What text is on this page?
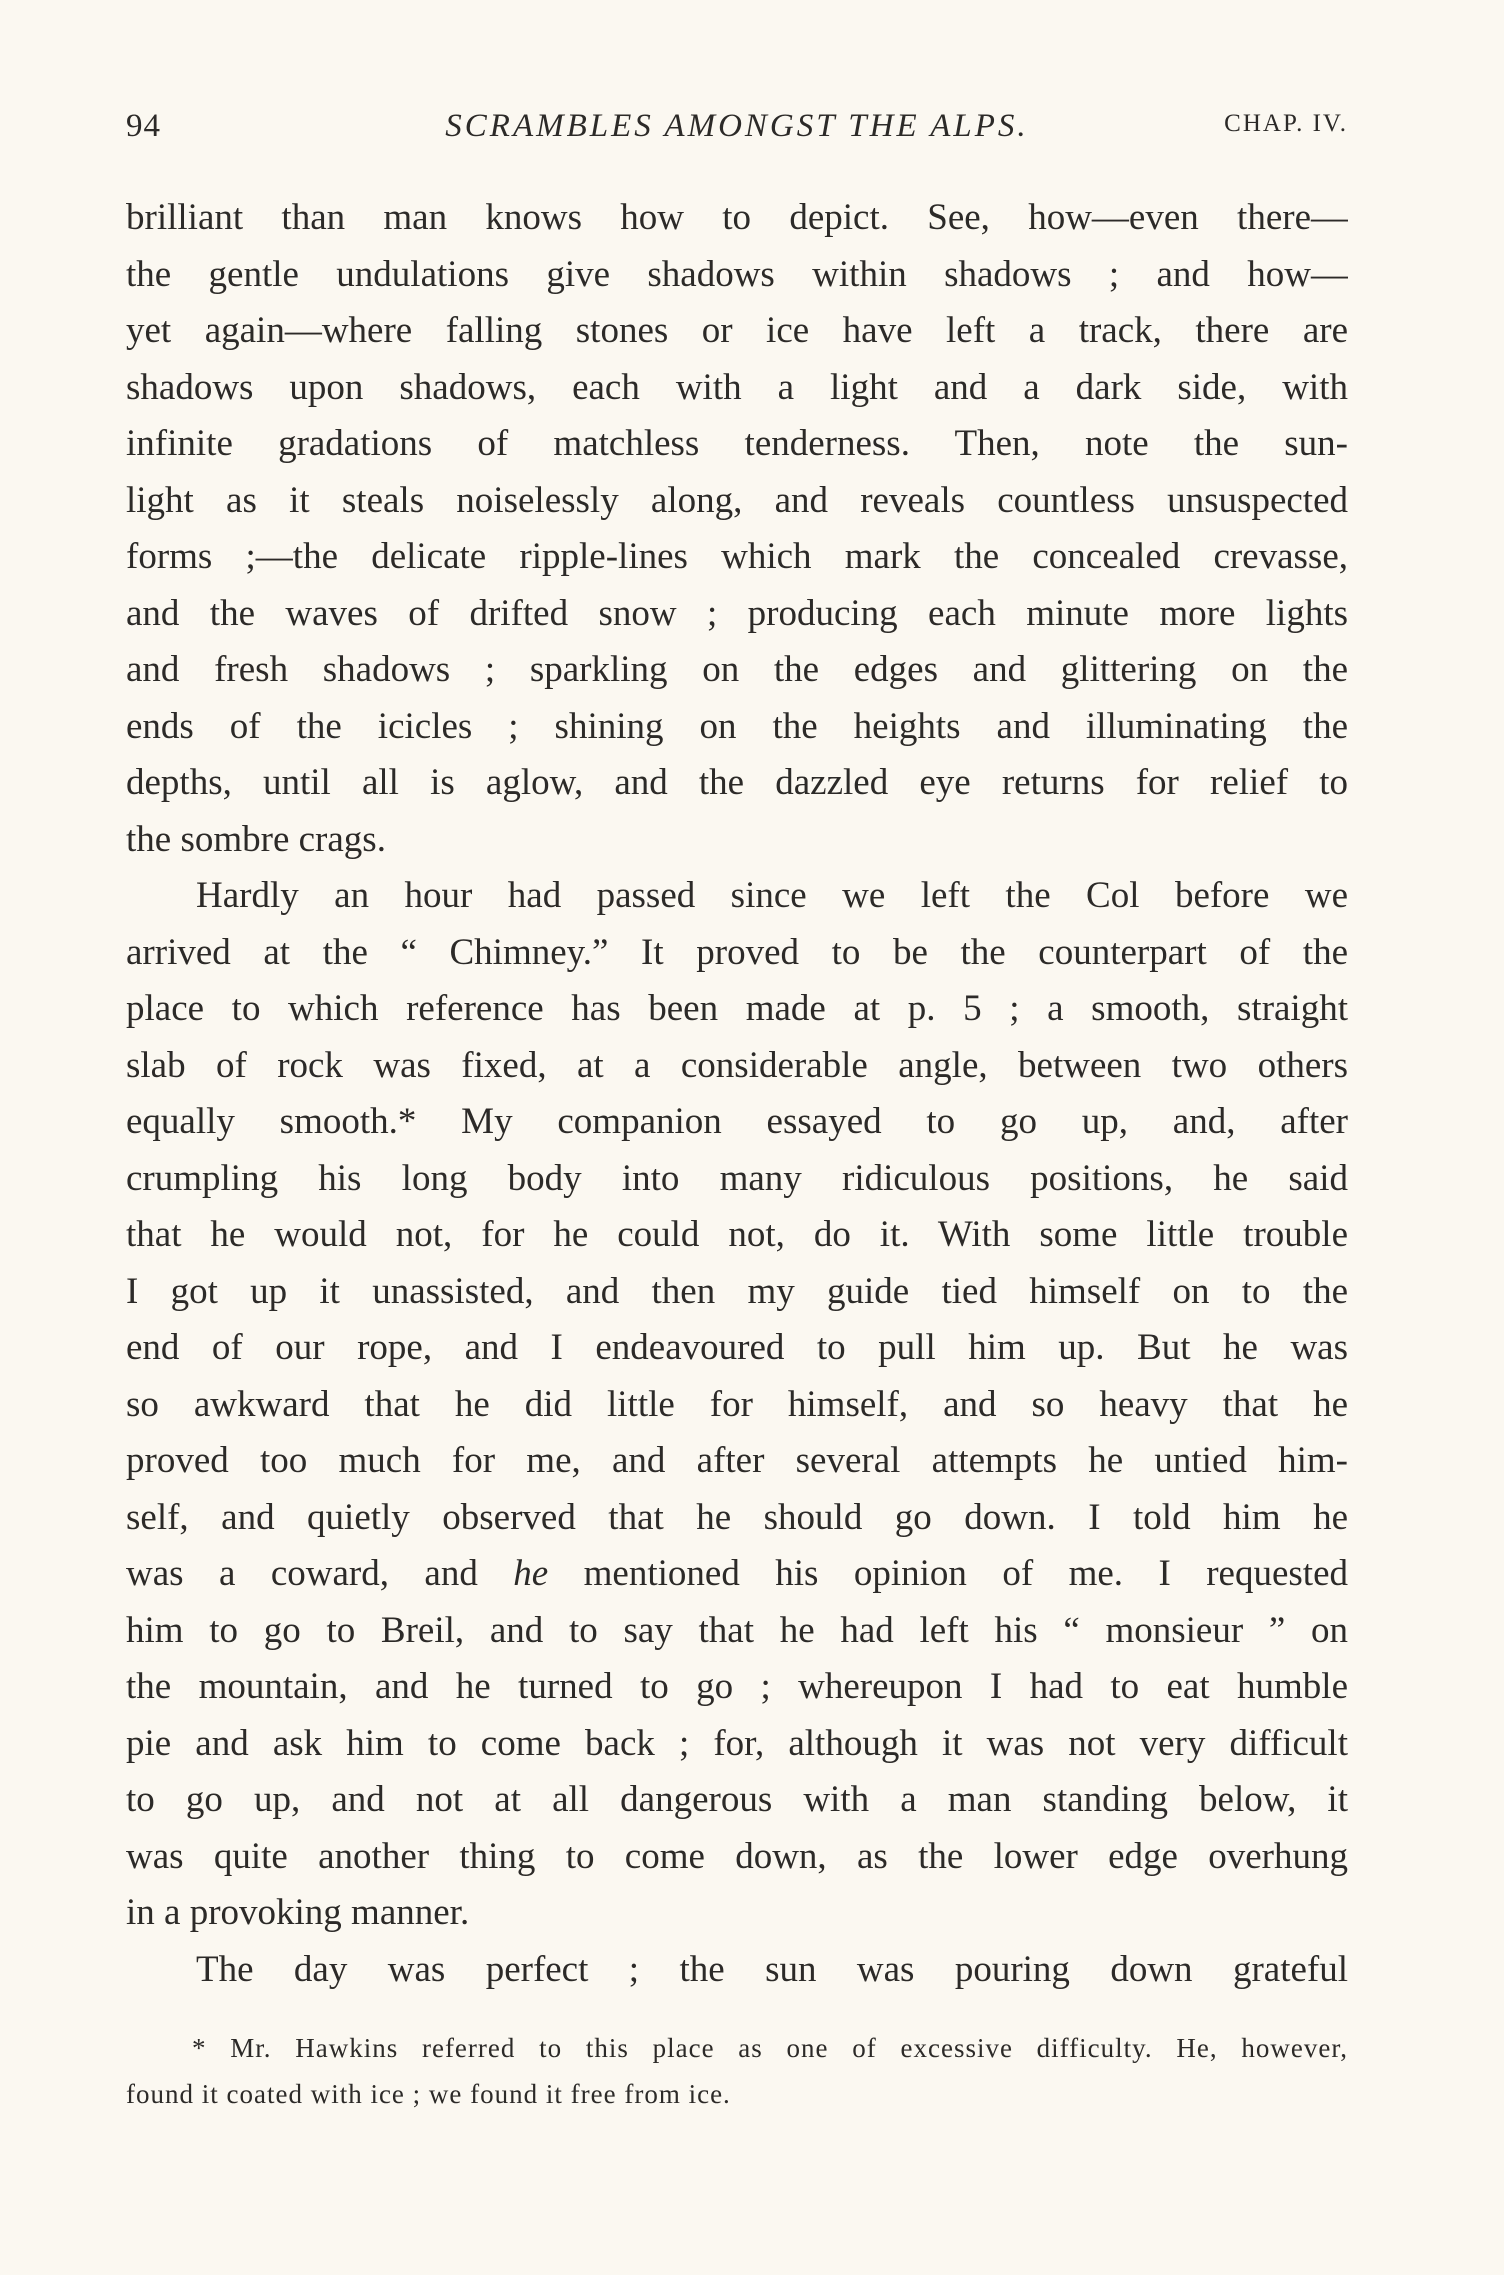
94	SCRAMBLES AMONGST THE ALPS.	CHAP. IV.
brilliant than man knows how to depict. See, how—even there—
the gentle undulations give shadows within shadows ; and how—
yet again—where falling stones or ice have left a track, there are
shadows upon shadows, each with a light and a dark side, with
infinite gradations of matchless tenderness. Then, note the sun-
light as it steals noiselessly along, and reveals countless unsuspected
forms ;—the delicate ripple-lines which mark the concealed crevasse,
and the waves of drifted snow ; producing each minute more lights
and fresh shadows ; sparkling on the edges and glittering on the
ends of the icicles ; shining on the heights and illuminating the
depths, until all is aglow, and the dazzled eye returns for relief to
the sombre crags.
Hardly an hour had passed since we left the Col before we
arrived at the “ Chimney.” It proved to be the counterpart of the
place to which reference has been made at p. 5 ; a smooth, straight
slab of rock was fixed, at a considerable angle, between two others
equally smooth.* My companion essayed to go up, and, after
crumpling his long body into many ridiculous positions, he said
that he would not, for he could not, do it. With some little trouble
I got up it unassisted, and then my guide tied himself on to the
end of our rope, and I endeavoured to pull him up. But he was
so awkward that he did little for himself, and so heavy that he
proved too much for me, and after several attempts he untied him-
self, and quietly observed that he should go down. I told him he
was a coward, and he mentioned his opinion of me. I requested
him to go to Breil, and to say that he had left his “ monsieur ” on
the mountain, and he turned to go ; whereupon I had to eat humble
pie and ask him to come back ; for, although it was not very difficult
to go up, and not at all dangerous with a man standing below, it
was quite another thing to come down, as the lower edge overhung
in a provoking manner.
The day was perfect ; the sun was pouring down grateful
* Mr. Hawkins referred to this place as one of excessive difficulty. He, however,
found it coated with ice ; we found it free from ice.
